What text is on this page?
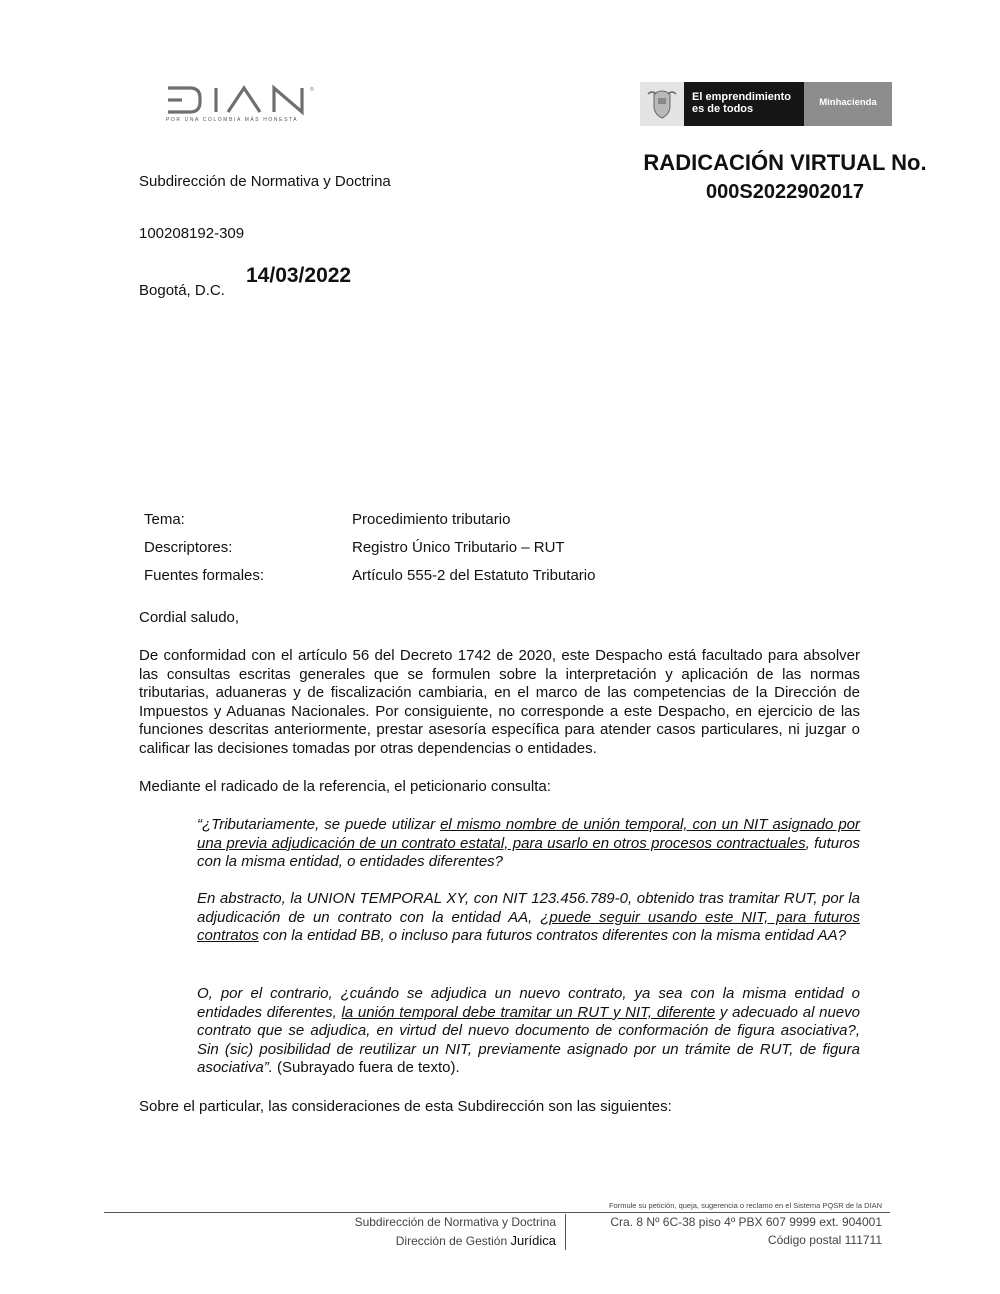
®
POR UNA COLOMBIA MÁS HONESTA
El emprendimiento es de todos
Minhacienda
RADICACIÓN VIRTUAL No.
000S2022902017
Subdirección de Normativa y Doctrina
100208192-309
Bogotá, D.C.
14/03/2022
Tema:	Procedimiento tributario
Descriptores:	Registro Único Tributario – RUT
Fuentes formales:	Artículo 555-2 del Estatuto Tributario
Cordial saludo,
De conformidad con el artículo 56 del Decreto 1742 de 2020, este Despacho está facultado para absolver las consultas escritas generales que se formulen sobre la interpretación y aplicación de las normas tributarias, aduaneras y de fiscalización cambiaria, en el marco de las competencias de la Dirección de Impuestos y Aduanas Nacionales. Por consiguiente, no corresponde a este Despacho, en ejercicio de las funciones descritas anteriormente, prestar asesoría específica para atender casos particulares, ni juzgar o calificar las decisiones tomadas por otras dependencias o entidades.
Mediante el radicado de la referencia, el peticionario consulta:
“¿Tributariamente, se puede utilizar el mismo nombre de unión temporal, con un NIT asignado por una previa adjudicación de un contrato estatal, para usarlo en otros procesos contractuales, futuros con la misma entidad, o entidades diferentes?
En abstracto, la UNION TEMPORAL XY, con NIT 123.456.789-0, obtenido tras tramitar RUT, por la adjudicación de un contrato con la entidad AA, ¿puede seguir usando este NIT, para futuros contratos con la entidad BB, o incluso para futuros contratos diferentes con la misma entidad AA?
O, por el contrario, ¿cuándo se adjudica un nuevo contrato, ya sea con la misma entidad o entidades diferentes, la unión temporal debe tramitar un RUT y NIT, diferente y adecuado al nuevo contrato que se adjudica, en virtud del nuevo documento de conformación de figura asociativa?, Sin (sic) posibilidad de reutilizar un NIT, previamente asignado por un trámite de RUT, de figura asociativa”. (Subrayado fuera de texto).
Sobre el particular, las consideraciones de esta Subdirección son las siguientes:
Formule su petición, queja, sugerencia o reclamo en el Sistema PQSR de la DIAN
Subdirección de Normativa y Doctrina
Dirección de Gestión Jurídica
Cra. 8 Nº 6C-38 piso 4º PBX 607 9999 ext. 904001
Código postal 111711
